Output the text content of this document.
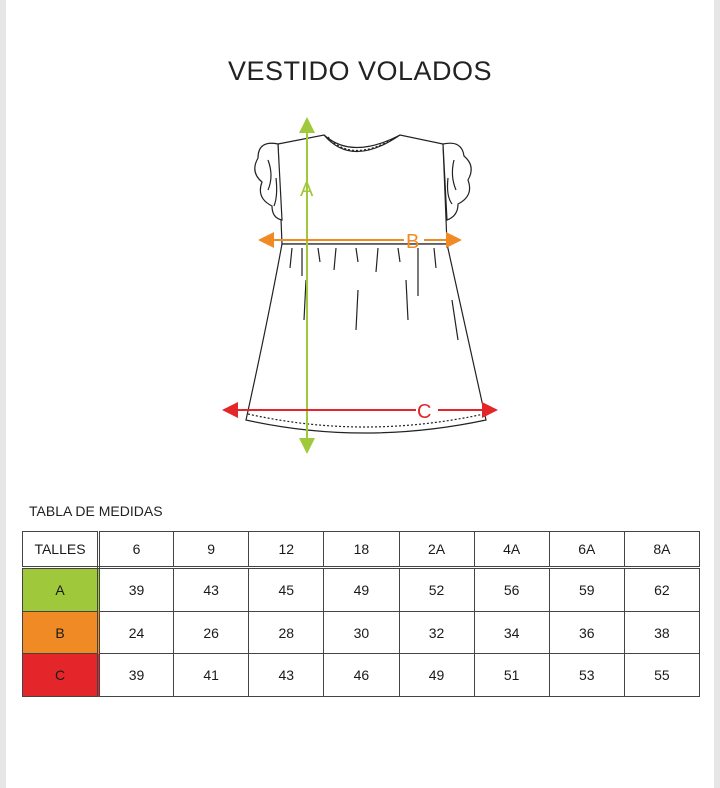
VESTIDO VOLADOS
A
B
C
TABLA DE MEDIDAS
TALLES	6	9	12	18	2A	4A	6A	8A
A	39	43	45	49	52	56	59	62
B	24	26	28	30	32	34	36	38
C	39	41	43	46	49	51	53	55
